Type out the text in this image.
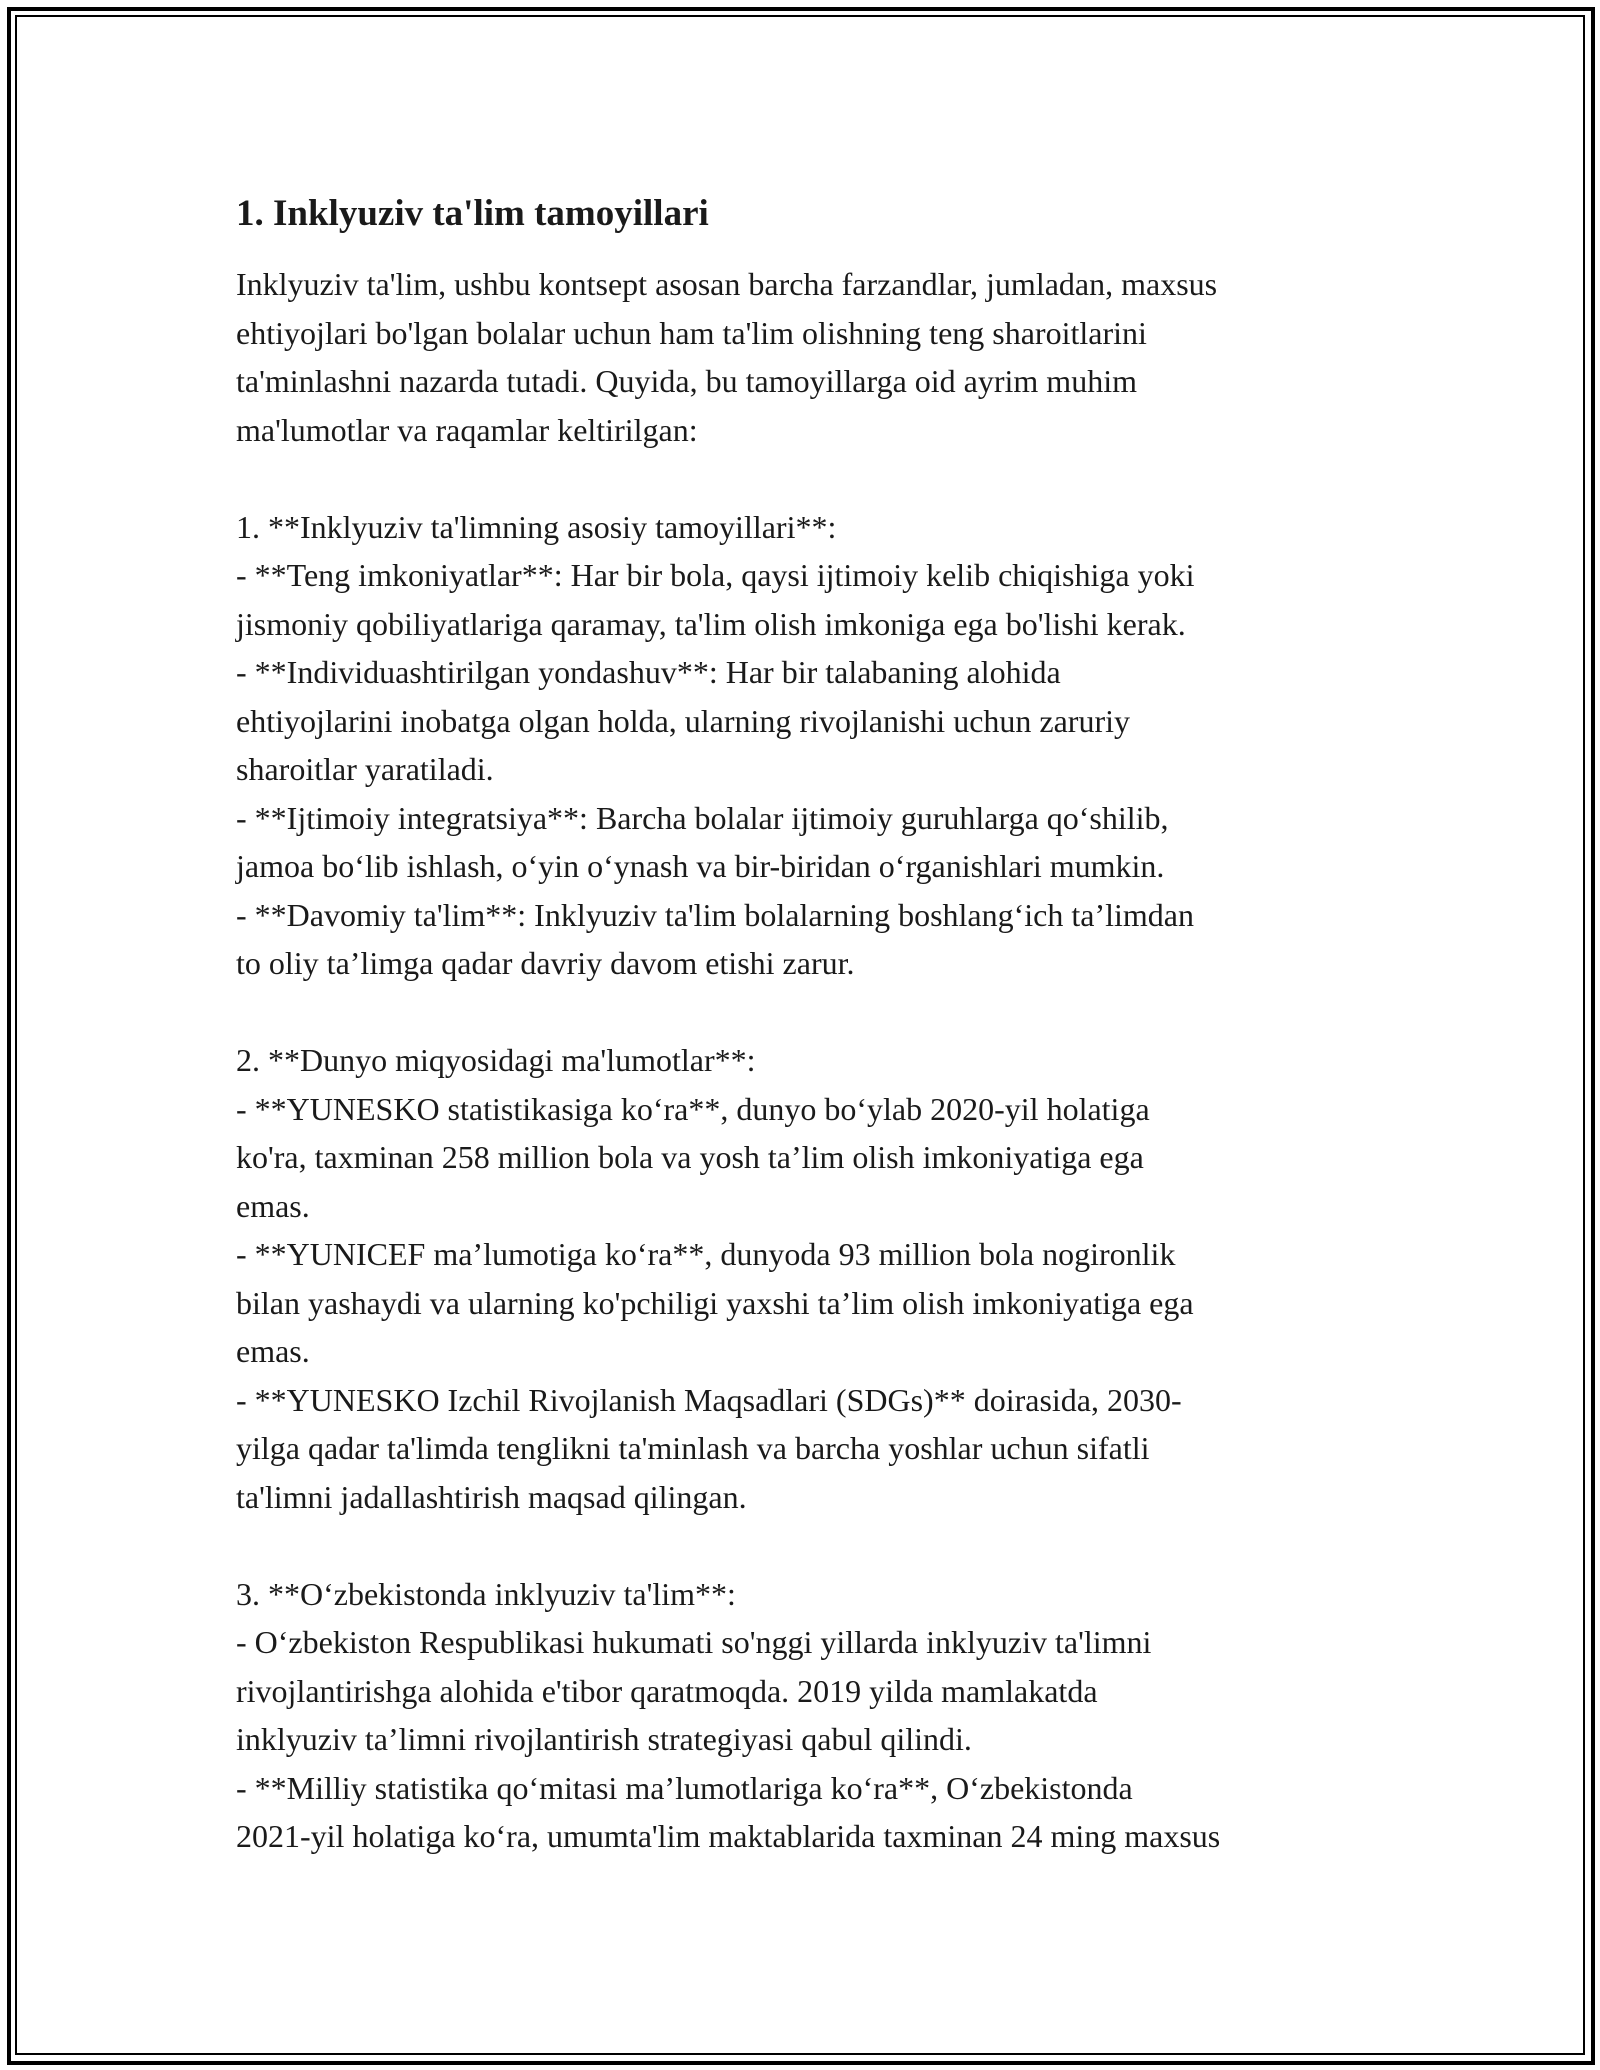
1. Inklyuziv ta'lim tamoyillari

Inklyuziv ta'lim, ushbu kontsept asosan barcha farzandlar, jumladan, maxsus
ehtiyojlari bo'lgan bolalar uchun ham ta'lim olishning teng sharoitlarini
ta'minlashni nazarda tutadi. Quyida, bu tamoyillarga oid ayrim muhim
ma'lumotlar va raqamlar keltirilgan:

1. **Inklyuziv ta'limning asosiy tamoyillari**:
- **Teng imkoniyatlar**: Har bir bola, qaysi ijtimoiy kelib chiqishiga yoki
jismoniy qobiliyatlariga qaramay, ta'lim olish imkoniga ega bo'lishi kerak.
- **Individuashtirilgan yondashuv**: Har bir talabaning alohida
ehtiyojlarini inobatga olgan holda, ularning rivojlanishi uchun zaruriy
sharoitlar yaratiladi.
- **Ijtimoiy integratsiya**: Barcha bolalar ijtimoiy guruhlarga qo‘shilib,
jamoa bo‘lib ishlash, o‘yin o‘ynash va bir-biridan o‘rganishlari mumkin.
- **Davomiy ta'lim**: Inklyuziv ta'lim bolalarning boshlang‘ich ta’limdan
to oliy ta’limga qadar davriy davom etishi zarur.

2. **Dunyo miqyosidagi ma'lumotlar**:
- **YUNESKO statistikasiga ko‘ra**, dunyo bo‘ylab 2020-yil holatiga
ko'ra, taxminan 258 million bola va yosh ta’lim olish imkoniyatiga ega
emas.
- **YUNICEF ma’lumotiga ko‘ra**, dunyoda 93 million bola nogironlik
bilan yashaydi va ularning ko'pchiligi yaxshi ta’lim olish imkoniyatiga ega
emas.
- **YUNESKO Izchil Rivojlanish Maqsadlari (SDGs)** doirasida, 2030-
yilga qadar ta'limda tenglikni ta'minlash va barcha yoshlar uchun sifatli
ta'limni jadallashtirish maqsad qilingan.

3. **O‘zbekistonda inklyuziv ta'lim**:
- O‘zbekiston Respublikasi hukumati so'nggi yillarda inklyuziv ta'limni
rivojlantirishga alohida e'tibor qaratmoqda. 2019 yilda mamlakatda
inklyuziv ta’limni rivojlantirish strategiyasi qabul qilindi.
- **Milliy statistika qo‘mitasi ma’lumotlariga ko‘ra**, O‘zbekistonda
2021-yil holatiga ko‘ra, umumta'lim maktablarida taxminan 24 ming maxsus
